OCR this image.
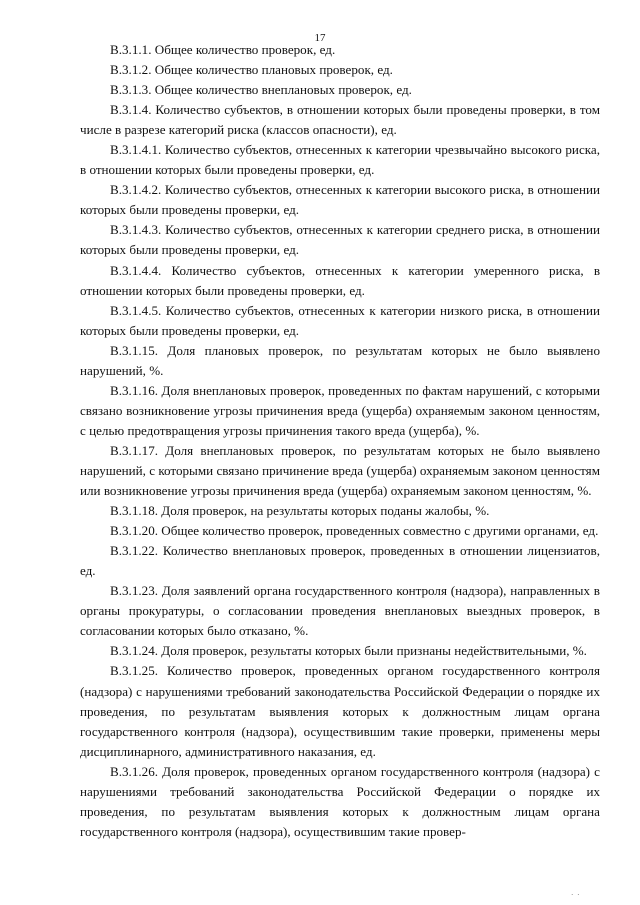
17

В.3.1.1. Общее количество проверок, ед.

В.3.1.2. Общее количество плановых проверок, ед.

В.3.1.3. Общее количество внеплановых проверок, ед.

В.3.1.4. Количество субъектов, в отношении которых были проведены проверки, в том числе в разрезе категорий риска (классов опасности), ед.

В.3.1.4.1. Количество субъектов, отнесенных к категории чрезвычайно высокого риска, в отношении которых были проведены проверки, ед.

В.3.1.4.2. Количество субъектов, отнесенных к категории высокого риска, в отношении которых были проведены проверки, ед.

В.3.1.4.3. Количество субъектов, отнесенных к категории среднего риска, в отношении которых были проведены проверки, ед.

В.3.1.4.4. Количество субъектов, отнесенных к категории умеренного риска, в отношении которых были проведены проверки, ед.

В.3.1.4.5. Количество субъектов, отнесенных к категории низкого риска, в отношении которых были проведены проверки, ед.

В.3.1.15. Доля плановых проверок, по результатам которых не было выявлено нарушений, %.

В.3.1.16. Доля внеплановых проверок, проведенных по фактам нарушений, с которыми связано возникновение угрозы причинения вреда (ущерба) охраняемым законом ценностям, с целью предотвращения угрозы причинения такого вреда (ущерба), %.

В.3.1.17. Доля внеплановых проверок, по результатам которых не было выявлено нарушений, с которыми связано причинение вреда (ущерба) охраняемым законом ценностям или возникновение угрозы причинения вреда (ущерба) охраняемым законом ценностям, %.

В.3.1.18. Доля проверок, на результаты которых поданы жалобы, %.

В.3.1.20. Общее количество проверок, проведенных совместно с другими органами, ед.

В.3.1.22. Количество внеплановых проверок, проведенных в отношении лицензиатов, ед.

В.3.1.23. Доля заявлений органа государственного контроля (надзора), направленных в органы прокуратуры, о согласовании проведения внеплановых выездных проверок, в согласовании которых было отказано, %.

В.3.1.24. Доля проверок, результаты которых были признаны недействительными, %.

В.3.1.25. Количество проверок, проведенных органом государственного контроля (надзора) с нарушениями требований законодательства Российской Федерации о порядке их проведения, по результатам выявления которых к должностным лицам органа государственного контроля (надзора), осуществившим такие проверки, применены меры дисциплинарного, административного наказания, ед.

В.3.1.26. Доля проверок, проведенных органом государственного контроля (надзора) с нарушениями требований законодательства Российской Федерации о порядке их проведения, по результатам выявления которых к должностным лицам органа государственного контроля (надзора), осуществившим такие провер-

· ·
